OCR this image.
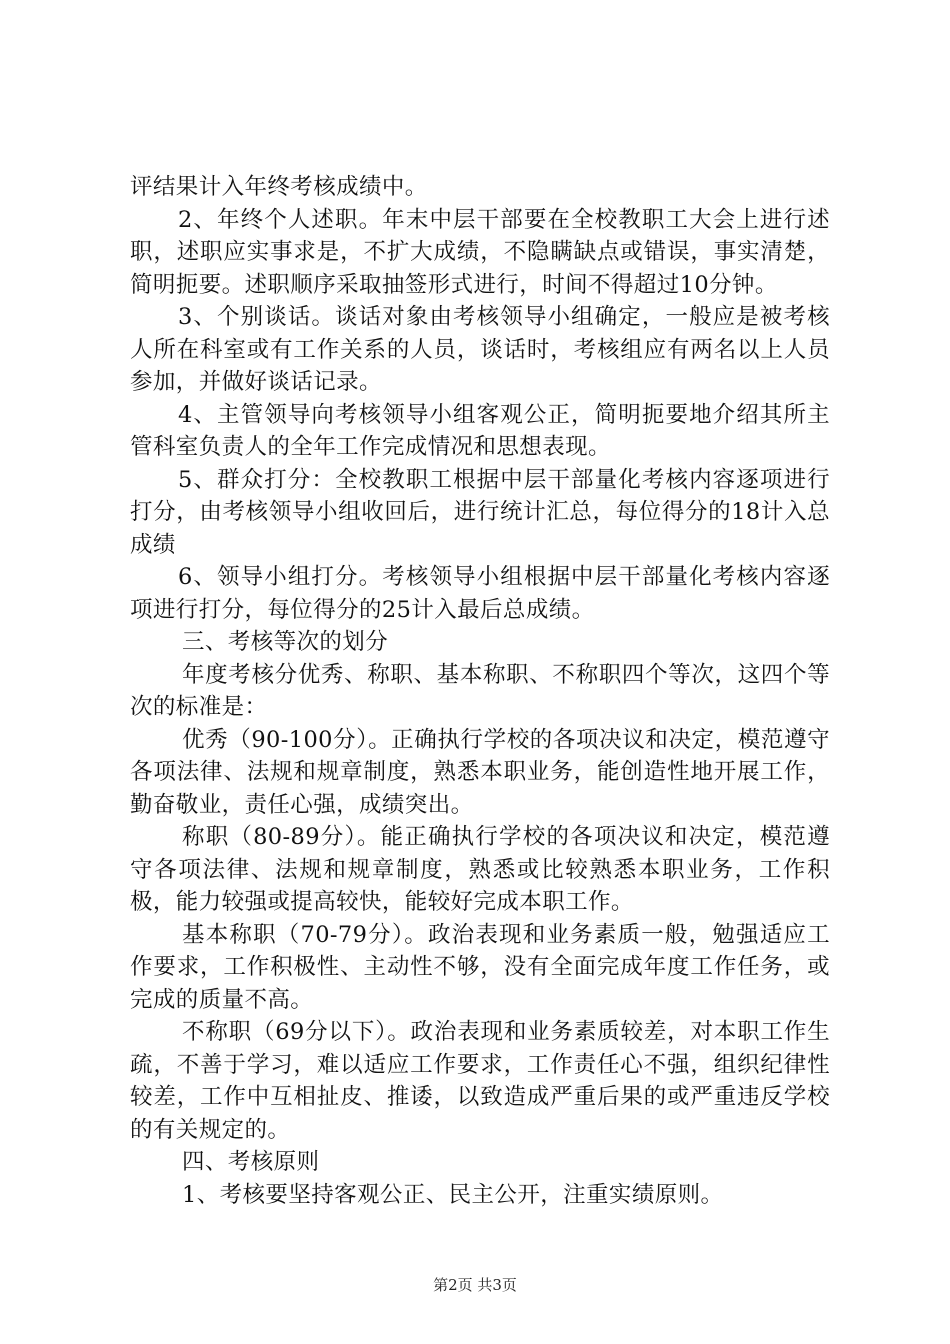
评结果计入年终考核成绩中。

2、年终个人述职。年末中层干部要在全校教职工大会上进行述职，述职应实事求是，不扩大成绩，不隐瞒缺点或错误，事实清楚，简明扼要。述职顺序采取抽签形式进行，时间不得超过10分钟。

3、个别谈话。谈话对象由考核领导小组确定，一般应是被考核人所在科室或有工作关系的人员，谈话时，考核组应有两名以上人员参加，并做好谈话记录。

4、主管领导向考核领导小组客观公正，简明扼要地介绍其所主管科室负责人的全年工作完成情况和思想表现。

5、群众打分：全校教职工根据中层干部量化考核内容逐项进行打分，由考核领导小组收回后，进行统计汇总，每位得分的18计入总成绩

6、领导小组打分。考核领导小组根据中层干部量化考核内容逐项进行打分，每位得分的25计入最后总成绩。

三、考核等次的划分

年度考核分优秀、称职、基本称职、不称职四个等次，这四个等次的标准是：

优秀（90-100分）。正确执行学校的各项决议和决定，模范遵守各项法律、法规和规章制度，熟悉本职业务，能创造性地开展工作，勤奋敬业，责任心强，成绩突出。

称职（80-89分）。能正确执行学校的各项决议和决定，模范遵守各项法律、法规和规章制度，熟悉或比较熟悉本职业务，工作积极，能力较强或提高较快，能较好完成本职工作。

基本称职（70-79分）。政治表现和业务素质一般，勉强适应工作要求，工作积极性、主动性不够，没有全面完成年度工作任务，或完成的质量不高。

不称职（69分以下）。政治表现和业务素质较差，对本职工作生疏，不善于学习，难以适应工作要求，工作责任心不强，组织纪律性较差，工作中互相扯皮、推诿，以致造成严重后果的或严重违反学校的有关规定的。

四、考核原则

1、考核要坚持客观公正、民主公开，注重实绩原则。

第2页 共3页
